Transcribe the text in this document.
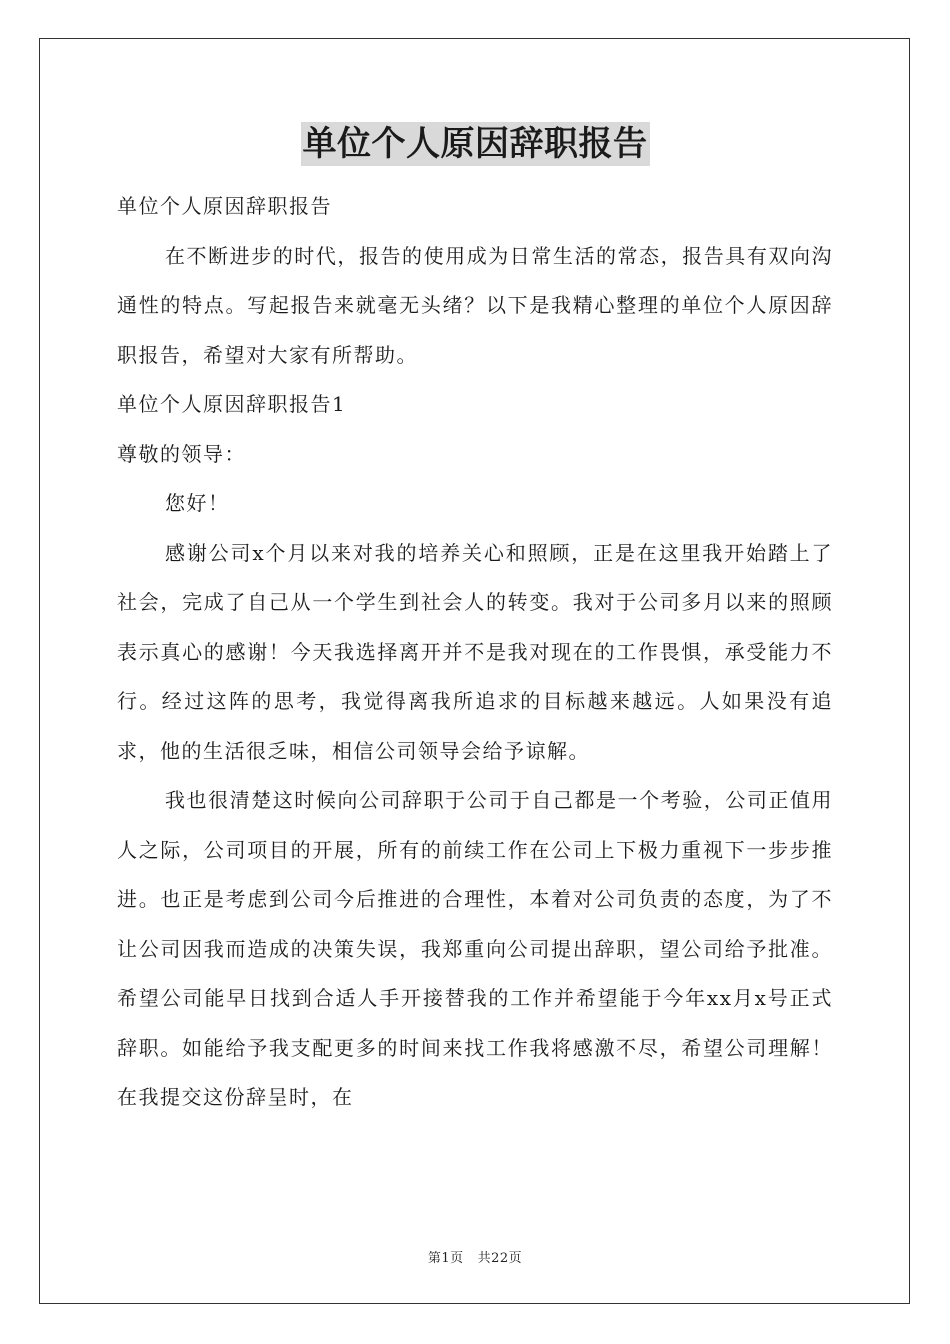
单位个人原因辞职报告

单位个人原因辞职报告

在不断进步的时代，报告的使用成为日常生活的常态，报告具有双向沟通性的特点。写起报告来就毫无头绪？以下是我精心整理的单位个人原因辞职报告，希望对大家有所帮助。

单位个人原因辞职报告1

尊敬的领导：

您好！

感谢公司x个月以来对我的培养关心和照顾，正是在这里我开始踏上了社会，完成了自己从一个学生到社会人的转变。我对于公司多月以来的照顾表示真心的感谢！今天我选择离开并不是我对现在的工作畏惧，承受能力不行。经过这阵的思考，我觉得离我所追求的目标越来越远。人如果没有追求，他的生活很乏味，相信公司领导会给予谅解。

我也很清楚这时候向公司辞职于公司于自己都是一个考验，公司正值用人之际，公司项目的开展，所有的前续工作在公司上下极力重视下一步步推进。也正是考虑到公司今后推进的合理性，本着对公司负责的态度，为了不让公司因我而造成的决策失误，我郑重向公司提出辞职，望公司给予批准。希望公司能早日找到合适人手开接替我的工作并希望能于今年xx月x号正式辞职。如能给予我支配更多的时间来找工作我将感激不尽，希望公司理解！在我提交这份辞呈时，在

第1页 共22页
